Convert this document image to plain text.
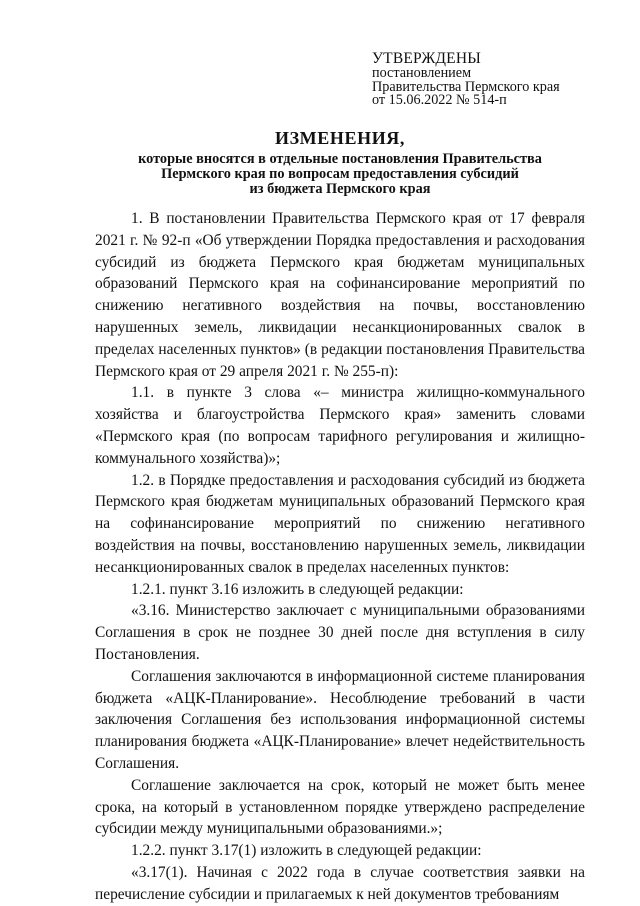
УТВЕРЖДЕНЫ
постановлением
Правительства Пермского края
от 15.06.2022 № 514-п
ИЗМЕНЕНИЯ,
которые вносятся в отдельные постановления Правительства
Пермского края по вопросам предоставления субсидий
из бюджета Пермского края

1. В постановлении Правительства Пермского края от 17 февраля 2021 г. № 92-п «Об утверждении Порядка предоставления и расходования субсидий из бюджета Пермского края бюджетам муниципальных образований Пермского края на софинансирование мероприятий по снижению негативного воздействия на почвы, восстановлению нарушенных земель, ликвидации несанкционированных свалок в пределах населенных пунктов» (в редакции постановления Правительства Пермского края от 29 апреля 2021 г. № 255-п):

1.1. в пункте 3 слова «– министра жилищно-коммунального хозяйства и благоустройства Пермского края» заменить словами «Пермского края (по вопросам тарифного регулирования и жилищно-коммунального хозяйства)»;

1.2. в Порядке предоставления и расходования субсидий из бюджета Пермского края бюджетам муниципальных образований Пермского края на софинансирование мероприятий по снижению негативного воздействия на почвы, восстановлению нарушенных земель, ликвидации несанкционированных свалок в пределах населенных пунктов:

1.2.1. пункт 3.16 изложить в следующей редакции:

«3.16. Министерство заключает с муниципальными образованиями Соглашения в срок не позднее 30 дней после дня вступления в силу Постановления.

Соглашения заключаются в информационной системе планирования бюджета «АЦК-Планирование». Несоблюдение требований в части заключения Соглашения без использования информационной системы планирования бюджета «АЦК-Планирование» влечет недействительность Соглашения.

Соглашение заключается на срок, который не может быть менее срока, на который в установленном порядке утверждено распределение субсидии между муниципальными образованиями.»;

1.2.2. пункт 3.17(1) изложить в следующей редакции:

«3.17(1). Начиная с 2022 года в случае соответствия заявки на перечисление субсидии и прилагаемых к ней документов требованиям
